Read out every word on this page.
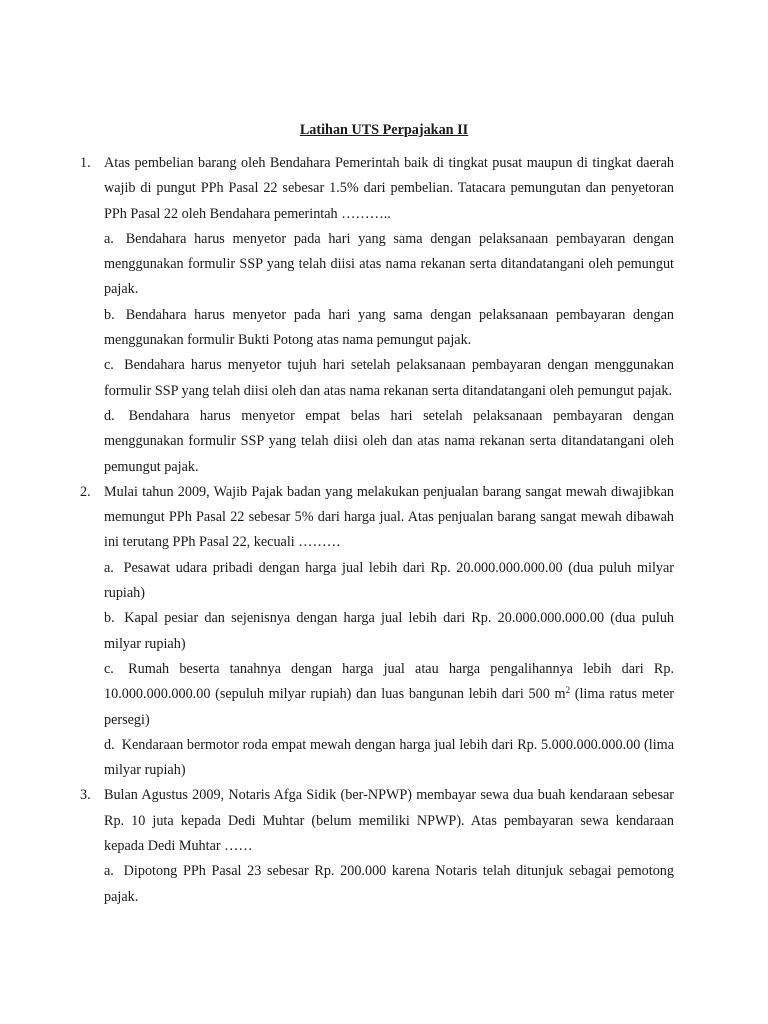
Latihan UTS Perpajakan II
1. Atas pembelian barang oleh Bendahara Pemerintah baik di tingkat pusat maupun di tingkat daerah wajib di pungut PPh Pasal 22 sebesar 1.5% dari pembelian. Tatacara pemungutan dan penyetoran PPh Pasal 22 oleh Bendahara pemerintah ………..
a. Bendahara harus menyetor pada hari yang sama dengan pelaksanaan pembayaran dengan menggunakan formulir SSP yang telah diisi atas nama rekanan serta ditandatangani oleh pemungut pajak.
b. Bendahara harus menyetor pada hari yang sama dengan pelaksanaan pembayaran dengan menggunakan formulir Bukti Potong atas nama pemungut pajak.
c. Bendahara harus menyetor tujuh hari setelah pelaksanaan pembayaran dengan menggunakan formulir SSP yang telah diisi oleh dan atas nama rekanan serta ditandatangani oleh pemungut pajak.
d. Bendahara harus menyetor empat belas hari setelah pelaksanaan pembayaran dengan menggunakan formulir SSP yang telah diisi oleh dan atas nama rekanan serta ditandatangani oleh pemungut pajak.
2. Mulai tahun 2009, Wajib Pajak badan yang melakukan penjualan barang sangat mewah diwajibkan memungut PPh Pasal 22 sebesar 5% dari harga jual. Atas penjualan barang sangat mewah dibawah ini terutang PPh Pasal 22, kecuali ………
a. Pesawat udara pribadi dengan harga jual lebih dari Rp. 20.000.000.000.00 (dua puluh milyar rupiah)
b. Kapal pesiar dan sejenisnya dengan harga jual lebih dari Rp. 20.000.000.000.00 (dua puluh milyar rupiah)
c. Rumah beserta tanahnya dengan harga jual atau harga pengalihannya lebih dari Rp. 10.000.000.000.00 (sepuluh milyar rupiah) dan luas bangunan lebih dari 500 $m^2$ (lima ratus meter persegi)
d. Kendaraan bermotor roda empat mewah dengan harga jual lebih dari Rp. 5.000.000.000.00 (lima milyar rupiah)
3. Bulan Agustus 2009, Notaris Afga Sidik (ber-NPWP) membayar sewa dua buah kendaraan sebesar Rp. 10 juta kepada Dedi Muhtar (belum memiliki NPWP). Atas pembayaran sewa kendaraan kepada Dedi Muhtar ……
a. Dipotong PPh Pasal 23 sebesar Rp. 200.000 karena Notaris telah ditunjuk sebagai pemotong pajak.
